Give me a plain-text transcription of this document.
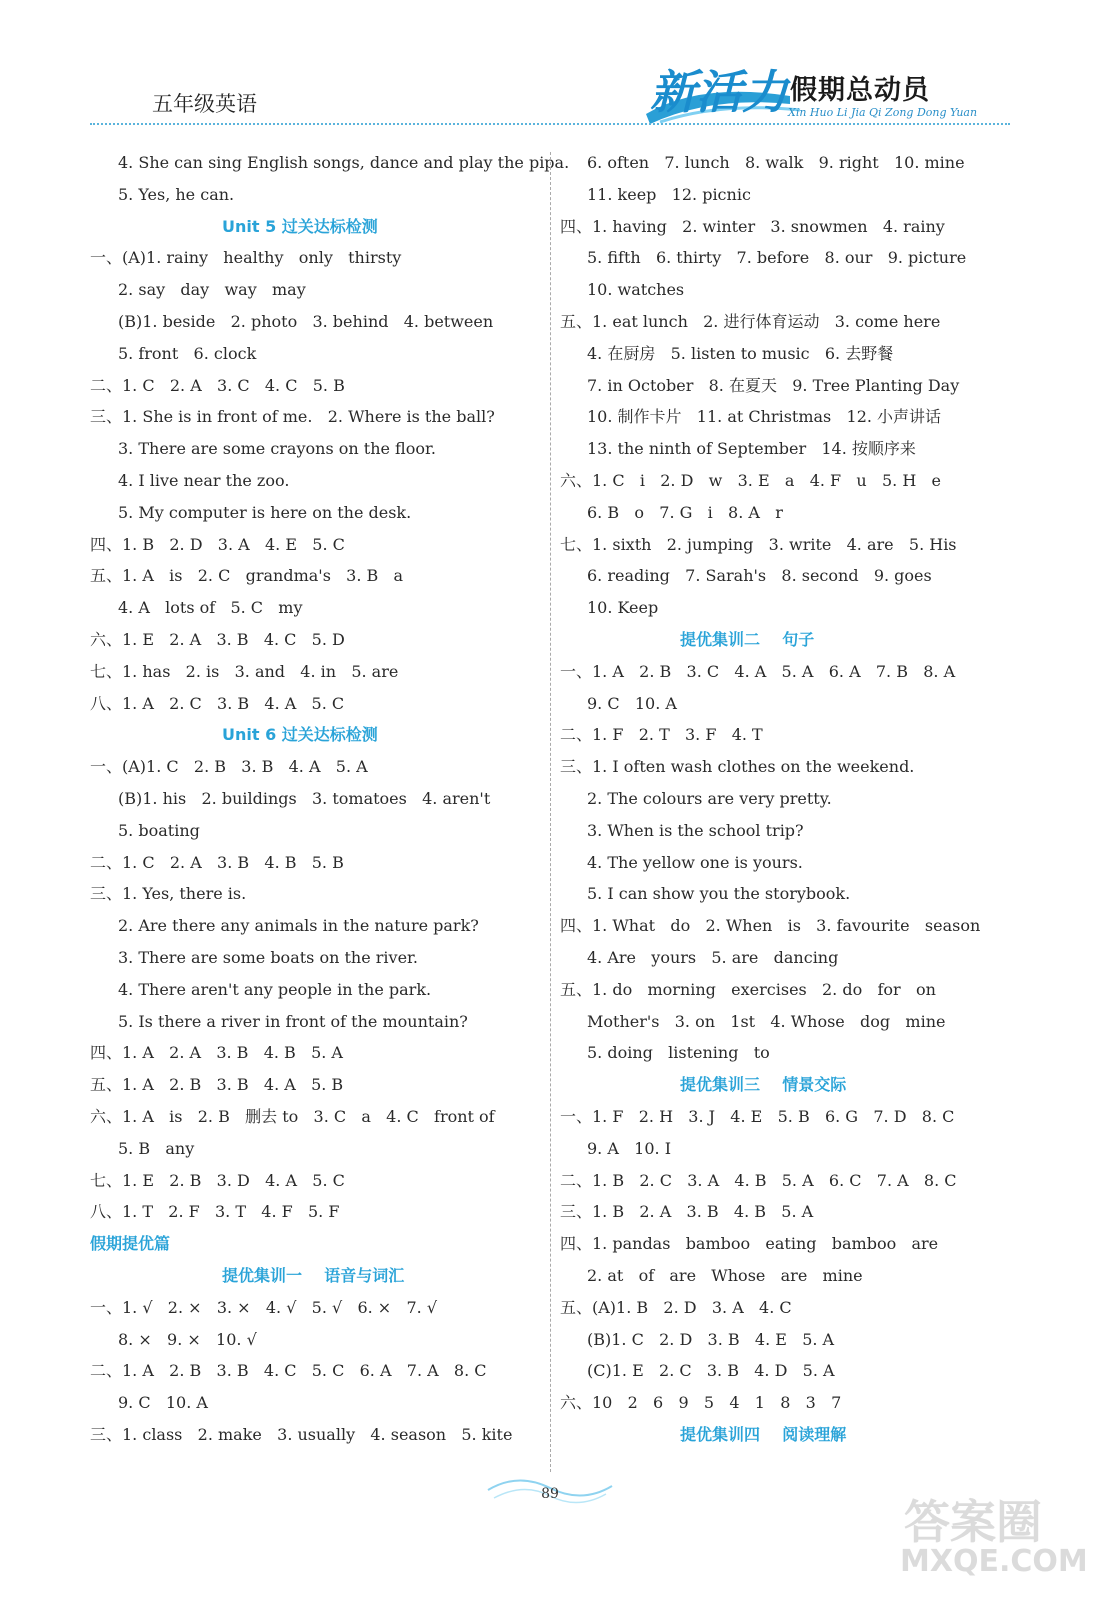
五年级英语	新活力 假期总动员
Xin Huo Li Jia Qi Zong Dong Yuan
4. She can sing English songs, dance and play the pipa.
5. Yes, he can.
Unit 5 过关达标检测
一、(A)1. rainy   healthy   only   thirsty
2. say   day   way   may
(B)1. beside   2. photo   3. behind   4. between
5. front   6. clock
二、1. C   2. A   3. C   4. C   5. B
三、1. She is in front of me.   2. Where is the ball?
3. There are some crayons on the floor.
4. I live near the zoo.
5. My computer is here on the desk.
四、1. B   2. D   3. A   4. E   5. C
五、1. A   is   2. C   grandma's   3. B   a
4. A   lots of   5. C   my
六、1. E   2. A   3. B   4. C   5. D
七、1. has   2. is   3. and   4. in   5. are
八、1. A   2. C   3. B   4. A   5. C
Unit 6 过关达标检测
一、(A)1. C   2. B   3. B   4. A   5. A
(B)1. his   2. buildings   3. tomatoes   4. aren't
5. boating
二、1. C   2. A   3. B   4. B   5. B
三、1. Yes, there is.
2. Are there any animals in the nature park?
3. There are some boats on the river.
4. There aren't any people in the park.
5. Is there a river in front of the mountain?
四、1. A   2. A   3. B   4. B   5. A
五、1. A   2. B   3. B   4. A   5. B
六、1. A   is   2. B   删去 to   3. C   a   4. C   front of
5. B   any
七、1. E   2. B   3. D   4. A   5. C
八、1. T   2. F   3. T   4. F   5. F
假期提优篇
提优集训一    语音与词汇
一、1. √   2. ×   3. ×   4. √   5. √   6. ×   7. √
8. ×   9. ×   10. √
二、1. A   2. B   3. B   4. C   5. C   6. A   7. A   8. C
9. C   10. A
三、1. class   2. make   3. usually   4. season   5. kite
6. often   7. lunch   8. walk   9. right   10. mine
11. keep   12. picnic
四、1. having   2. winter   3. snowmen   4. rainy
5. fifth   6. thirty   7. before   8. our   9. picture
10. watches
五、1. eat lunch   2. 进行体育运动   3. come here
4. 在厨房   5. listen to music   6. 去野餐
7. in October   8. 在夏天   9. Tree Planting Day
10. 制作卡片   11. at Christmas   12. 小声讲话
13. the ninth of September   14. 按顺序来
六、1. C   i   2. D   w   3. E   a   4. F   u   5. H   e
6. B   o   7. G   i   8. A   r
七、1. sixth   2. jumping   3. write   4. are   5. His
6. reading   7. Sarah's   8. second   9. goes
10. Keep
提优集训二    句子
一、1. A   2. B   3. C   4. A   5. A   6. A   7. B   8. A
9. C   10. A
二、1. F   2. T   3. F   4. T
三、1. I often wash clothes on the weekend.
2. The colours are very pretty.
3. When is the school trip?
4. The yellow one is yours.
5. I can show you the storybook.
四、1. What   do   2. When   is   3. favourite   season
4. Are   yours   5. are   dancing
五、1. do   morning   exercises   2. do   for   on
Mother's   3. on   1st   4. Whose   dog   mine
5. doing   listening   to
提优集训三    情景交际
一、1. F   2. H   3. J   4. E   5. B   6. G   7. D   8. C
9. A   10. I
二、1. B   2. C   3. A   4. B   5. A   6. C   7. A   8. C
三、1. B   2. A   3. B   4. B   5. A
四、1. pandas   bamboo   eating   bamboo   are
2. at   of   are   Whose   are   mine
五、(A)1. B   2. D   3. A   4. C
(B)1. C   2. D   3. B   4. E   5. A
(C)1. E   2. C   3. B   4. D   5. A
六、10   2   6   9   5   4   1   8   3   7
提优集训四    阅读理解
89
答案圈
MXQE.COM
